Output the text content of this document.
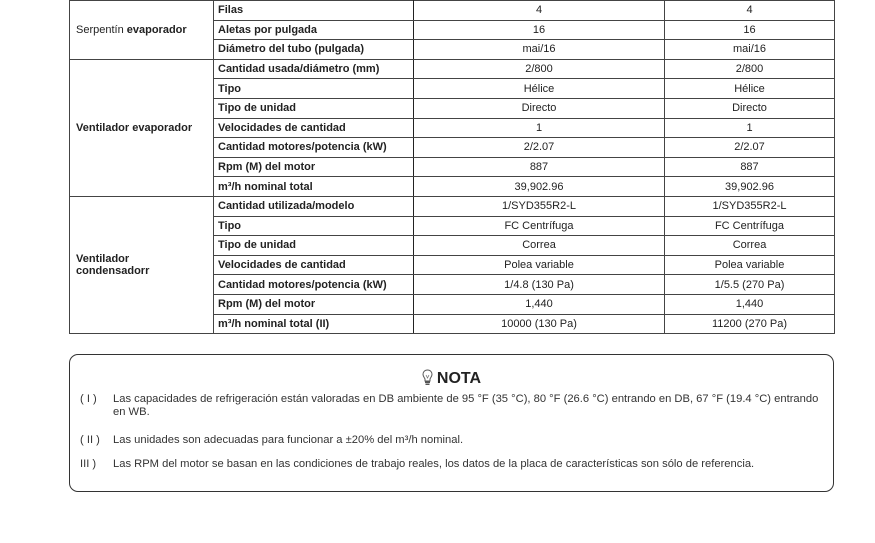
Serpentín evaporador	Filas	4	4
	Aletas por pulgada	16	16
	Diámetro del tubo (pulgada)	mai/16	mai/16
Ventilador evaporador	Cantidad usada/diámetro (mm)	2/800	2/800
	Tipo	Hélice	Hélice
	Tipo de unidad	Directo	Directo
	Velocidades de cantidad	1	1
	Cantidad motores/potencia (kW)	2/2.07	2/2.07
	Rpm (M) del motor	887	887
	m³/h nominal total	39,902.96	39,902.96

Ventilador condensadorr	Cantidad utilizada/modelo	1/SYD355R2-L	1/SYD355R2-L
	Tipo	FC Centrífuga	FC Centrífuga
	Tipo de unidad	Correa	Correa
	Velocidades de cantidad	Polea variable	Polea variable
	Cantidad motores/potencia (kW)	1/4.8 (130 Pa)	1/5.5 (270 Pa)
	Rpm (M) del motor	1,440	1,440
	m³/h nominal total (II)	10000 (130 Pa)	11200 (270 Pa)
NOTA
( I ) Las capacidades de refrigeración están valoradas en DB ambiente de 95 °F (35 °C), 80 °F (26.6 °C) entrando en DB, 67 °F (19.4 °C) entrando en WB.
( II ) Las unidades son adecuadas para funcionar a ±20% del m³/h nominal.
III ) Las RPM del motor se basan en las condiciones de trabajo reales, los datos de la placa de características son sólo de referencia.
